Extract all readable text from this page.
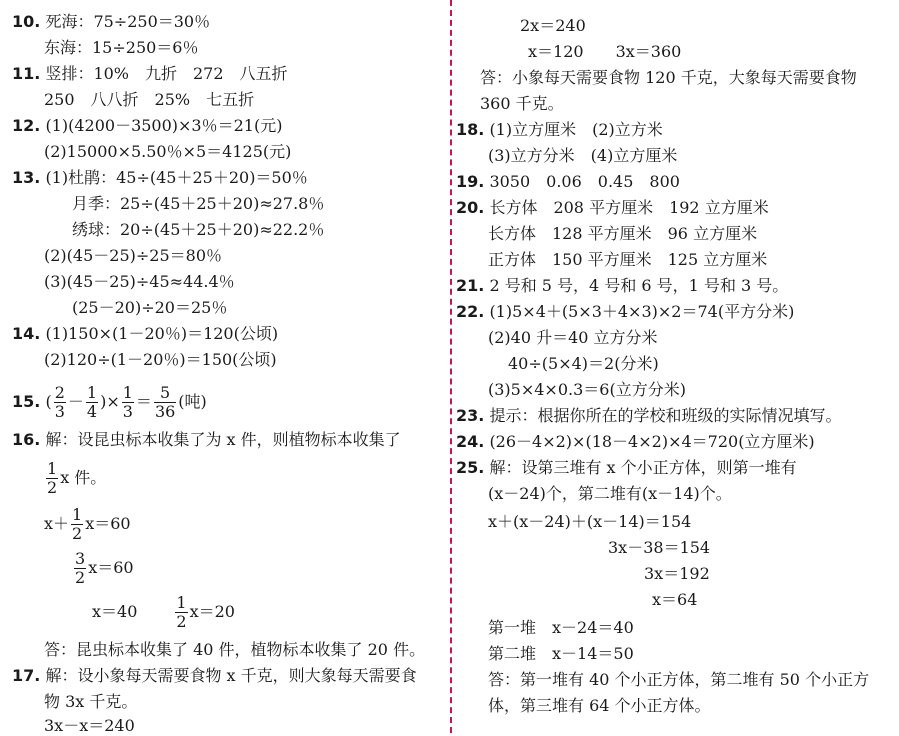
10. 死海：75÷250＝30％
东海：15÷250＝6％
11. 竖排：10%　九折　272　八五折
250　八八折　25%　七五折
12. (1)(4200－3500)×3％＝21(元)
(2)15000×5.50％×5＝4125(元)
13. (1)杜鹃：45÷(45＋25＋20)＝50％
月季：25÷(45＋25＋20)≈27.8％
绣球：20÷(45＋25＋20)≈22.2％
(2)(45－25)÷25＝80％
(3)(45－25)÷45≈44.4％
(25－20)÷20＝25％
14. (1)150×(1－20％)＝120(公顷)
(2)120÷(1－20％)＝150(公顷)
15. ( $\frac{2}{3} - \frac{1}{4}$ )× $\frac{1}{3} = \frac{5}{36}$ (吨)
16. 解：设昆虫标本收集了为 x 件，则植物标本收集了
$\frac{1}{2}$ x 件。
$x+ \frac{1}{2} x=60$
$\frac{3}{2} x=60$
$x=40 \frac{1}{2} x=20$
答：昆虫标本收集了 40 件，植物标本收集了 20 件。
17. 解：设小象每天需要食物 x 千克，则大象每天需要食
物 3x 千克。
3x－x＝240
2x＝240
x＝120　　3x＝360
答：小象每天需要食物 120 千克，大象每天需要食物
360 千克。
18. (1)立方厘米　(2)立方米
(3)立方分米　(4)立方厘米
19. 3050　0.06　0.45　800
20. 长方体　208 平方厘米　192 立方厘米
长方体　128 平方厘米　96 立方厘米
正方体　150 平方厘米　125 立方厘米
21. 2 号和 5 号，4 号和 6 号，1 号和 3 号。
22. (1)5×4＋(5×3＋4×3)×2＝74(平方分米)
(2)40 升＝40 立方分米
40÷(5×4)＝2(分米)
(3)5×4×0.3＝6(立方分米)
23. 提示：根据你所在的学校和班级的实际情况填写。
24. (26－4×2)×(18－4×2)×4＝720(立方厘米)
25. 解：设第三堆有 x 个小正方体，则第一堆有
(x－24)个，第二堆有(x－14)个。
x＋(x－24)＋(x－14)＝154
3x－38＝154
3x＝192
x＝64
第一堆　x－24＝40
第二堆　x－14＝50
答：第一堆有 40 个小正方体，第二堆有 50 个小正方
体，第三堆有 64 个小正方体。
